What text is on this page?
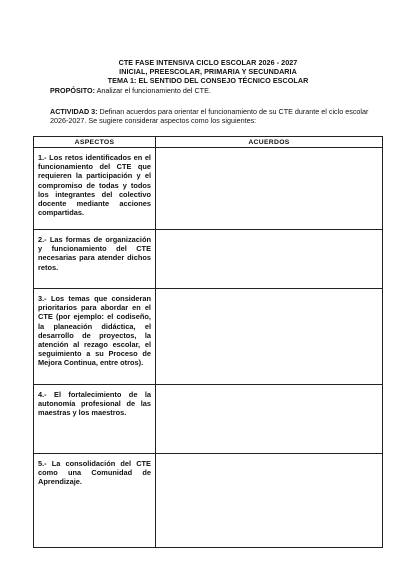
CTE FASE INTENSIVA CICLO ESCOLAR 2026 - 2027
INICIAL, PREESCOLAR, PRIMARIA Y SECUNDARIA
TEMA 1: EL SENTIDO DEL CONSEJO TÉCNICO ESCOLAR
PROPÓSITO: Analizar el funcionamiento del CTE.
ACTIVIDAD 3: Definan acuerdos para orientar el funcionamiento de su CTE durante el ciclo escolar 2026-2027. Se sugiere considerar aspectos como los siguientes:
ASPECTOS	ACUERDOS
1.- Los retos identificados en el funcionamiento del CTE que requieren la participación y el compromiso de todas y todos los integrantes del colectivo docente mediante acciones compartidas.	
2.- Las formas de organización y funcionamiento del CTE necesarias para atender dichos retos.	
3.- Los temas que consideran prioritarios para abordar en el CTE (por ejemplo: el codiseño, la planeación didáctica, el desarrollo de proyectos, la atención al rezago escolar, el seguimiento a su Proceso de Mejora Continua, entre otros).	
4.- El fortalecimiento de la autonomía profesional de las maestras y los maestros.	
5.- La consolidación del CTE como una Comunidad de Aprendizaje.	
